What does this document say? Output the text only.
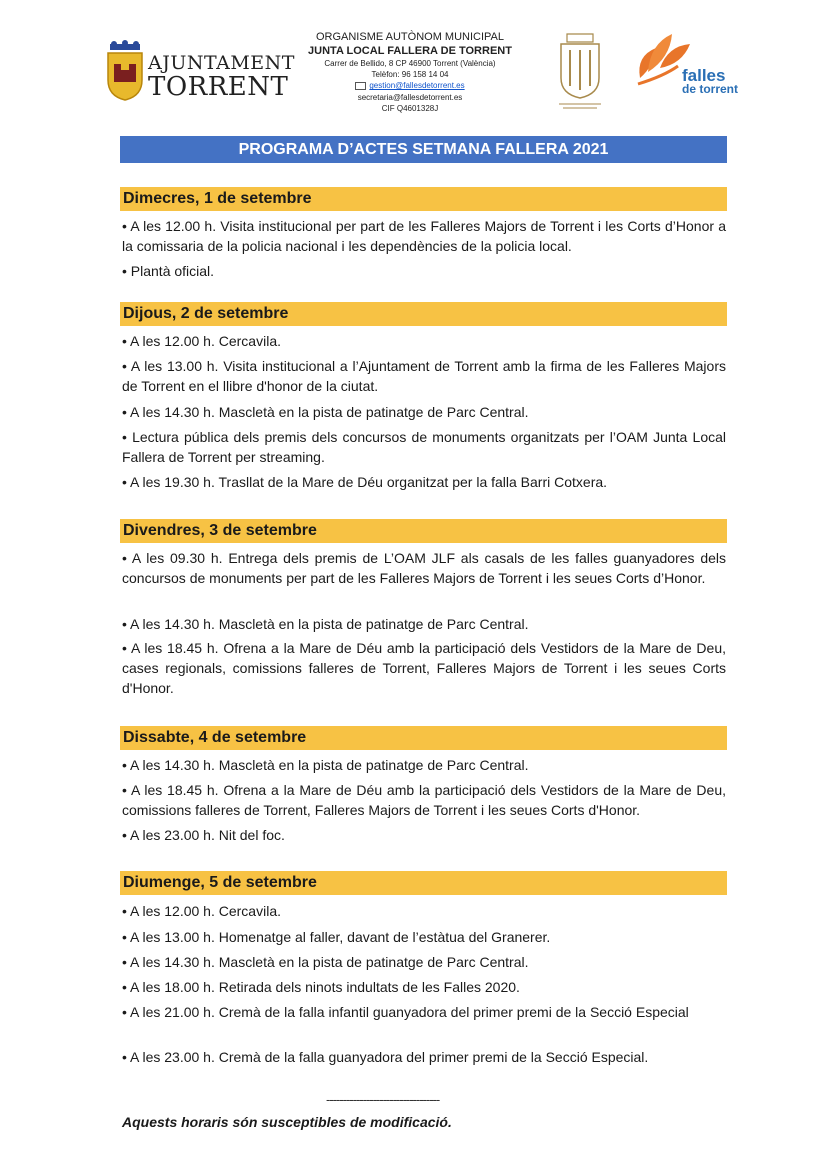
AJUNTAMENT
TORRENT
ORGANISME AUTÒNOM MUNICIPAL
JUNTA LOCAL FALLERA DE TORRENT
Carrer de Bellido, 8 CP 46900 Torrent (València)
Telèfon: 96 158 14 04
gestion@fallesdetorrent.es
secretaria@fallesdetorrent.es
CIF Q4601328J
falles
de torrent
PROGRAMA D’ACTES SETMANA FALLERA 2021
Dimecres, 1 de setembre
• A les 12.00 h. Visita institucional per part de les Falleres Majors de Torrent i les Corts d’Honor a la comissaria de la policia nacional i les dependències de la policia local.
• Plantà oficial.
Dijous, 2 de setembre
• A les 12.00 h. Cercavila.
• A les 13.00 h. Visita institucional a l’Ajuntament de Torrent amb la firma de les Falleres Majors de Torrent en el llibre d'honor de la ciutat.
• A les 14.30 h. Mascletà en la pista de patinatge de Parc Central.
• Lectura pública dels premis dels concursos de monuments organitzats per l’OAM Junta Local Fallera de Torrent per streaming.
• A les 19.30 h. Trasllat de la Mare de Déu organitzat per la falla Barri Cotxera.
Divendres, 3 de setembre
• A les 09.30 h. Entrega dels premis de L’OAM JLF als casals de les falles guanyadores dels concursos de monuments per part de les Falleres Majors de Torrent i les seues Corts d’Honor.
• A les 14.30 h. Mascletà en la pista de patinatge de Parc Central.
• A les 18.45 h. Ofrena a la Mare de Déu amb la participació dels Vestidors de la Mare de Deu, cases regionals, comissions falleres de Torrent, Falleres Majors de Torrent i les seues Corts d'Honor.
Dissabte, 4 de setembre
• A les 14.30 h. Mascletà en la pista de patinatge de Parc Central.
• A les 18.45 h. Ofrena a la Mare de Déu amb la participació dels Vestidors de la Mare de Deu, comissions falleres de Torrent, Falleres Majors de Torrent i les seues Corts d'Honor.
• A les 23.00 h. Nit del foc.
Diumenge, 5 de setembre
• A les 12.00 h. Cercavila.
• A les 13.00 h. Homenatge al faller, davant de l’estàtua del Granerer.
• A les 14.30 h. Mascletà en la pista de patinatge de Parc Central.
• A les 18.00 h. Retirada dels ninots indultats de les Falles 2020.
• A les 21.00 h. Cremà de la falla infantil guanyadora del primer premi de la Secció Especial
• A les 23.00 h. Cremà de la falla guanyadora del primer premi de la Secció Especial.
----------------------------------
Aquests horaris són susceptibles de modificació.
